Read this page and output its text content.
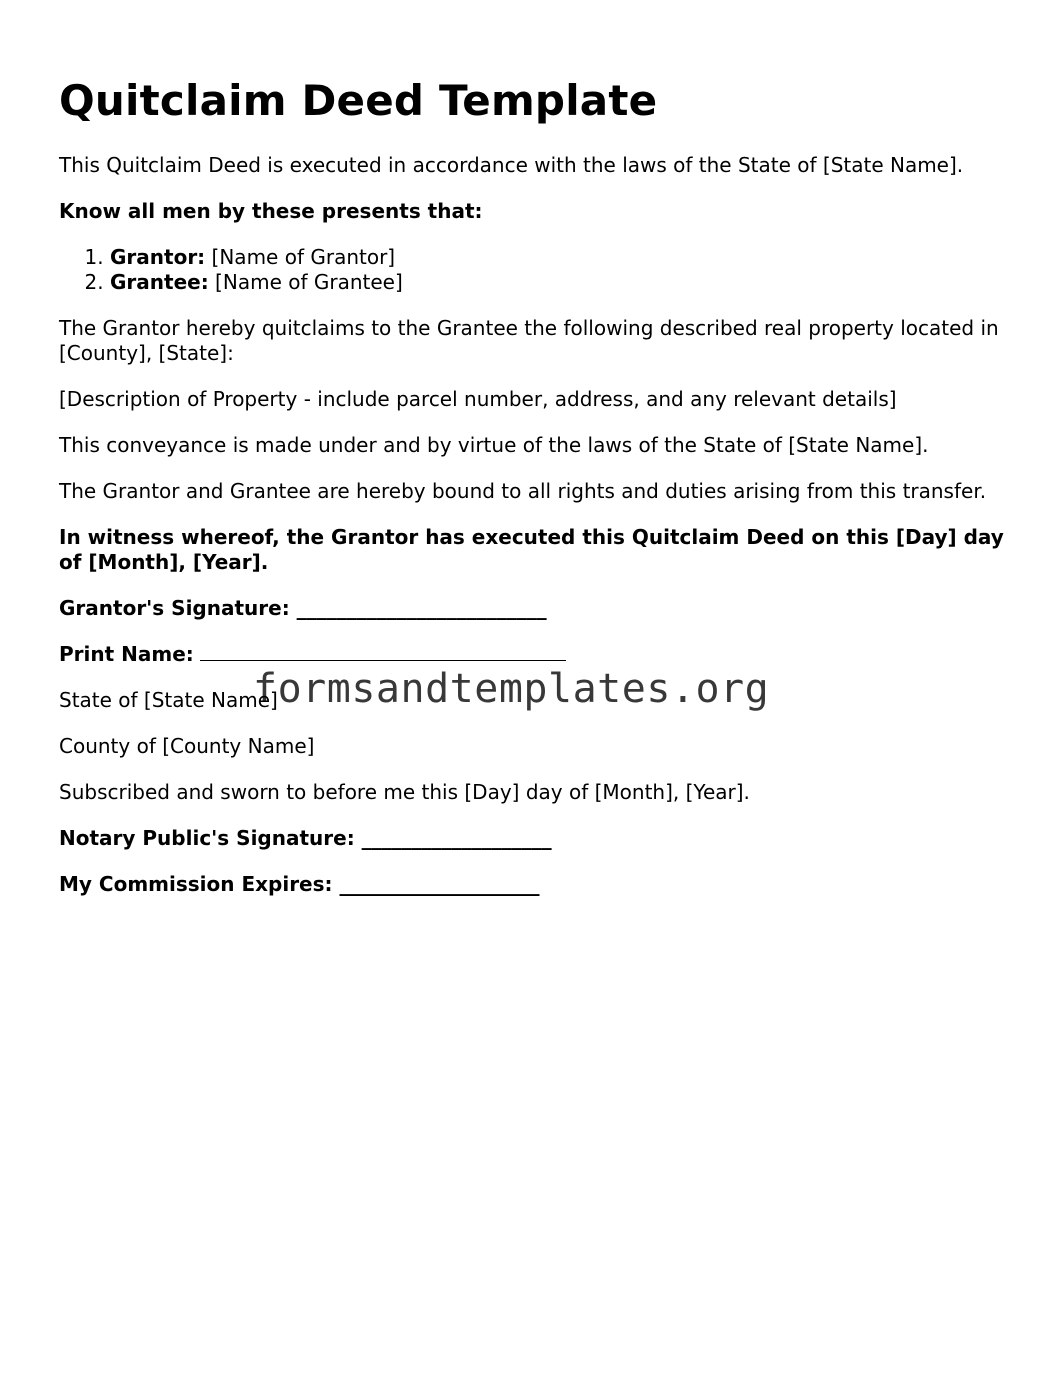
Quitclaim Deed Template

This Quitclaim Deed is executed in accordance with the laws of the State of [State Name].

Know all men by these presents that:

1. Grantor: [Name of Grantor]
2. Grantee: [Name of Grantee]

The Grantor hereby quitclaims to the Grantee the following described real property located in [County], [State]:

[Description of Property - include parcel number, address, and any relevant details]

This conveyance is made under and by virtue of the laws of the State of [State Name].

The Grantor and Grantee are hereby bound to all rights and duties arising from this transfer.

In witness whereof, the Grantor has executed this Quitclaim Deed on this [Day] day of [Month], [Year].

Grantor's Signature: _________________________

Print Name:

State of [State Name]

County of [County Name]

Subscribed and sworn to before me this [Day] day of [Month], [Year].

Notary Public's Signature: ___________________

My Commission Expires: ____________________

formsandtemplates.org
